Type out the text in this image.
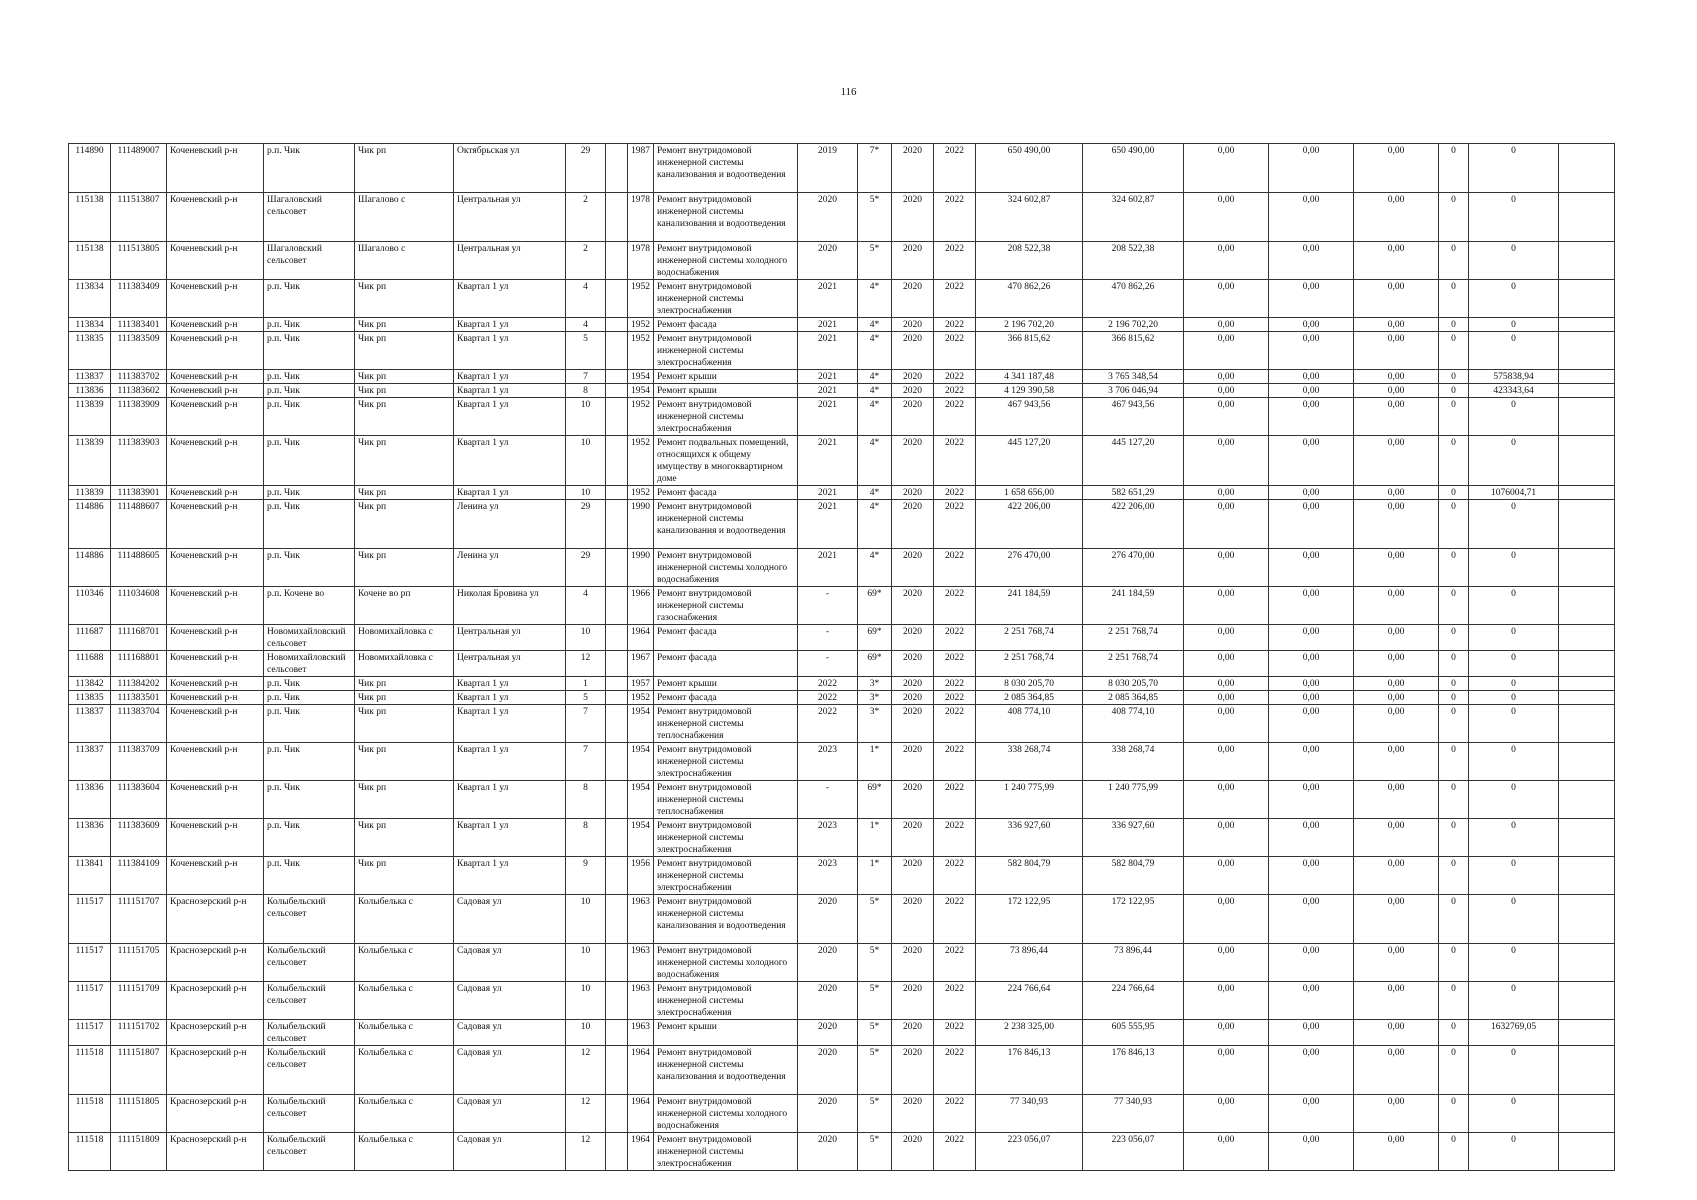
116
114890	111489007	Коченевский р-н	р.п. Чик	Чик рп	Октябрьская ул	29		1987	Ремонт внутридомовой инженерной системы канализования и водоотведения	2019	7*	2020	2022	650 490,00	650 490,00	0,00	0,00	0,00	0	0	
115138	111513807	Коченевский р-н	Шагаловский сельсовет	Шагалово с	Центральная ул	2		1978	Ремонт внутридомовой инженерной системы канализования и водоотведения	2020	5*	2020	2022	324 602,87	324 602,87	0,00	0,00	0,00	0	0	
115138	111513805	Коченевский р-н	Шагаловский сельсовет	Шагалово с	Центральная ул	2		1978	Ремонт внутридомовой инженерной системы холодного водоснабжения	2020	5*	2020	2022	208 522,38	208 522,38	0,00	0,00	0,00	0	0	
113834	111383409	Коченевский р-н	р.п. Чик	Чик рп	Квартал 1 ул	4		1952	Ремонт внутридомовой инженерной системы электроснабжения	2021	4*	2020	2022	470 862,26	470 862,26	0,00	0,00	0,00	0	0	
113834	111383401	Коченевский р-н	р.п. Чик	Чик рп	Квартал 1 ул	4		1952	Ремонт фасада	2021	4*	2020	2022	2 196 702,20	2 196 702,20	0,00	0,00	0,00	0	0	
113835	111383509	Коченевский р-н	р.п. Чик	Чик рп	Квартал 1 ул	5		1952	Ремонт внутридомовой инженерной системы электроснабжения	2021	4*	2020	2022	366 815,62	366 815,62	0,00	0,00	0,00	0	0	
113837	111383702	Коченевский р-н	р.п. Чик	Чик рп	Квартал 1 ул	7		1954	Ремонт крыши	2021	4*	2020	2022	4 341 187,48	3 765 348,54	0,00	0,00	0,00	0	575838,94	
113836	111383602	Коченевский р-н	р.п. Чик	Чик рп	Квартал 1 ул	8		1954	Ремонт крыши	2021	4*	2020	2022	4 129 390,58	3 706 046,94	0,00	0,00	0,00	0	423343,64	
113839	111383909	Коченевский р-н	р.п. Чик	Чик рп	Квартал 1 ул	10		1952	Ремонт внутридомовой инженерной системы электроснабжения	2021	4*	2020	2022	467 943,56	467 943,56	0,00	0,00	0,00	0	0	
113839	111383903	Коченевский р-н	р.п. Чик	Чик рп	Квартал 1 ул	10		1952	Ремонт подвальных помещений, относящихся к общему имуществу в многоквартирном доме	2021	4*	2020	2022	445 127,20	445 127,20	0,00	0,00	0,00	0	0	
113839	111383901	Коченевский р-н	р.п. Чик	Чик рп	Квартал 1 ул	10		1952	Ремонт фасада	2021	4*	2020	2022	1 658 656,00	582 651,29	0,00	0,00	0,00	0	1076004,71	
114886	111488607	Коченевский р-н	р.п. Чик	Чик рп	Ленина ул	29		1990	Ремонт внутридомовой инженерной системы канализования и водоотведения	2021	4*	2020	2022	422 206,00	422 206,00	0,00	0,00	0,00	0	0	
114886	111488605	Коченевский р-н	р.п. Чик	Чик рп	Ленина ул	29		1990	Ремонт внутридомовой инженерной системы холодного водоснабжения	2021	4*	2020	2022	276 470,00	276 470,00	0,00	0,00	0,00	0	0	
110346	111034608	Коченевский р-н	р.п. Кочене во	Кочене во рп	Николая Бровина ул	4		1966	Ремонт внутридомовой инженерной системы газоснабжения	-	69*	2020	2022	241 184,59	241 184,59	0,00	0,00	0,00	0	0	
111687	111168701	Коченевский р-н	Новомихайловский сельсовет	Новомихайловка с	Центральная ул	10		1964	Ремонт фасада	-	69*	2020	2022	2 251 768,74	2 251 768,74	0,00	0,00	0,00	0	0	
111688	111168801	Коченевский р-н	Новомихайловский сельсовет	Новомихайловка с	Центральная ул	12		1967	Ремонт фасада	-	69*	2020	2022	2 251 768,74	2 251 768,74	0,00	0,00	0,00	0	0	
113842	111384202	Коченевский р-н	р.п. Чик	Чик рп	Квартал 1 ул	1		1957	Ремонт крыши	2022	3*	2020	2022	8 030 205,70	8 030 205,70	0,00	0,00	0,00	0	0	
113835	111383501	Коченевский р-н	р.п. Чик	Чик рп	Квартал 1 ул	5		1952	Ремонт фасада	2022	3*	2020	2022	2 085 364,85	2 085 364,85	0,00	0,00	0,00	0	0	
113837	111383704	Коченевский р-н	р.п. Чик	Чик рп	Квартал 1 ул	7		1954	Ремонт внутридомовой инженерной системы теплоснабжения	2022	3*	2020	2022	408 774,10	408 774,10	0,00	0,00	0,00	0	0	
113837	111383709	Коченевский р-н	р.п. Чик	Чик рп	Квартал 1 ул	7		1954	Ремонт внутридомовой инженерной системы электроснабжения	2023	1*	2020	2022	338 268,74	338 268,74	0,00	0,00	0,00	0	0	
113836	111383604	Коченевский р-н	р.п. Чик	Чик рп	Квартал 1 ул	8		1954	Ремонт внутридомовой инженерной системы теплоснабжения	-	69*	2020	2022	1 240 775,99	1 240 775,99	0,00	0,00	0,00	0	0	
113836	111383609	Коченевский р-н	р.п. Чик	Чик рп	Квартал 1 ул	8		1954	Ремонт внутридомовой инженерной системы электроснабжения	2023	1*	2020	2022	336 927,60	336 927,60	0,00	0,00	0,00	0	0	
113841	111384109	Коченевский р-н	р.п. Чик	Чик рп	Квартал 1 ул	9		1956	Ремонт внутридомовой инженерной системы электроснабжения	2023	1*	2020	2022	582 804,79	582 804,79	0,00	0,00	0,00	0	0	
111517	111151707	Краснозерский р-н	Колыбельский сельсовет	Колыбелька с	Садовая ул	10		1963	Ремонт внутридомовой инженерной системы канализования и водоотведения	2020	5*	2020	2022	172 122,95	172 122,95	0,00	0,00	0,00	0	0	
111517	111151705	Краснозерский р-н	Колыбельский сельсовет	Колыбелька с	Садовая ул	10		1963	Ремонт внутридомовой инженерной системы холодного водоснабжения	2020	5*	2020	2022	73 896,44	73 896,44	0,00	0,00	0,00	0	0	
111517	111151709	Краснозерский р-н	Колыбельский сельсовет	Колыбелька с	Садовая ул	10		1963	Ремонт внутридомовой инженерной системы электроснабжения	2020	5*	2020	2022	224 766,64	224 766,64	0,00	0,00	0,00	0	0	
111517	111151702	Краснозерский р-н	Колыбельский сельсовет	Колыбелька с	Садовая ул	10		1963	Ремонт крыши	2020	5*	2020	2022	2 238 325,00	605 555,95	0,00	0,00	0,00	0	1632769,05	
111518	111151807	Краснозерский р-н	Колыбельский сельсовет	Колыбелька с	Садовая ул	12		1964	Ремонт внутридомовой инженерной системы канализования и водоотведения	2020	5*	2020	2022	176 846,13	176 846,13	0,00	0,00	0,00	0	0	
111518	111151805	Краснозерский р-н	Колыбельский сельсовет	Колыбелька с	Садовая ул	12		1964	Ремонт внутридомовой инженерной системы холодного водоснабжения	2020	5*	2020	2022	77 340,93	77 340,93	0,00	0,00	0,00	0	0	
111518	111151809	Краснозерский р-н	Колыбельский сельсовет	Колыбелька с	Садовая ул	12		1964	Ремонт внутридомовой инженерной системы электроснабжения	2020	5*	2020	2022	223 056,07	223 056,07	0,00	0,00	0,00	0	0	
